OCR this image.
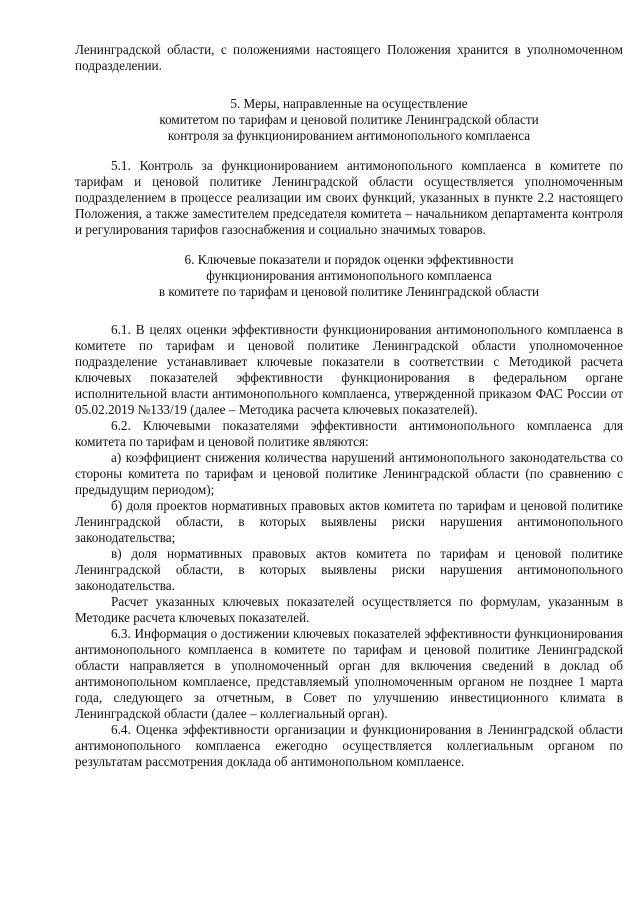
Ленинградской области, с положениями настоящего Положения хранится в уполномоченном подразделении.

5. Меры, направленные на осуществление

комитетом по тарифам и ценовой политике Ленинградской области

контроля за функционированием антимонопольного комплаенса

5.1. Контроль за функционированием антимонопольного комплаенса в комитете по тарифам и ценовой политике Ленинградской области осуществляется уполномоченным подразделением в процессе реализации им своих функций, указанных в пункте 2.2 настоящего Положения, а также заместителем председателя комитета – начальником департамента контроля и регулирования тарифов газоснабжения и социально значимых товаров.

6. Ключевые показатели и порядок оценки эффективности

функционирования антимонопольного комплаенса

в комитете по тарифам и ценовой политике Ленинградской области

6.1. В целях оценки эффективности функционирования антимонопольного комплаенса в комитете по тарифам и ценовой политике Ленинградской области уполномоченное подразделение устанавливает ключевые показатели в соответствии с Методикой расчета ключевых показателей эффективности функционирования в федеральном органе исполнительной власти антимонопольного комплаенса, утвержденной приказом ФАС России от 05.02.2019 №133/19 (далее – Методика расчета ключевых показателей).

6.2. Ключевыми показателями эффективности антимонопольного комплаенса для комитета по тарифам и ценовой политике являются:

а) коэффициент снижения количества нарушений антимонопольного законодательства со стороны комитета по тарифам и ценовой политике Ленинградской области (по сравнению с предыдущим периодом);

б) доля проектов нормативных правовых актов комитета по тарифам и ценовой политике Ленинградской области, в которых выявлены риски нарушения антимонопольного законодательства;

в) доля нормативных правовых актов комитета по тарифам и ценовой политике Ленинградской области, в которых выявлены риски нарушения антимонопольного законодательства.

Расчет указанных ключевых показателей осуществляется по формулам, указанным в Методике расчета ключевых показателей.

6.3. Информация о достижении ключевых показателей эффективности функционирования антимонопольного комплаенса в комитете по тарифам и ценовой политике Ленинградской области направляется в уполномоченный орган для включения сведений в доклад об антимонопольном комплаенсе, представляемый уполномоченным органом не позднее 1 марта года, следующего за отчетным, в Совет по улучшению инвестиционного климата в Ленинградской области (далее – коллегиальный орган).

6.4. Оценка эффективности организации и функционирования в Ленинградской области антимонопольного комплаенса ежегодно осуществляется коллегиальным органом по результатам рассмотрения доклада об антимонопольном комплаенсе.
